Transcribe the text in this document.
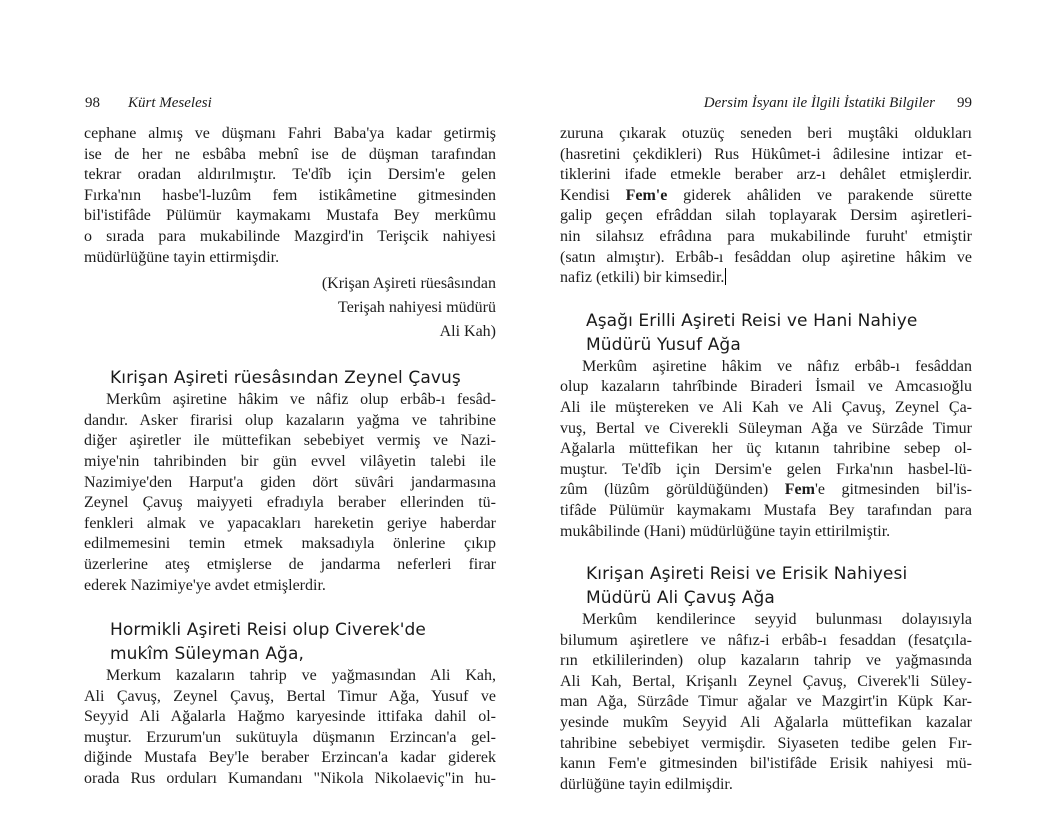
98 Kürt Meselesi
cephane almış ve düşmanı Fahri Baba'ya kadar getirmiş
ise de her ne esbâba mebnî ise de düşman tarafından
tekrar oradan aldırılmıştır. Te'dîb için Dersim'e gelen
Fırka'nın hasbe'l-luzûm fem istikâmetine gitmesinden
bil'istifâde Pülümür kaymakamı Mustafa Bey merkûmu
o sırada para mukabilinde Mazgird'in Terişcik nahiyesi
müdürlüğüne tayin ettirmişdir.
(Krişan Aşireti rüesâsından
Terişah nahiyesi müdürü
Ali Kah)
Kırişan Aşireti rüesâsından Zeynel Çavuş
Merkûm aşiretine hâkim ve nâfiz olup erbâb-ı fesâd-
dandır. Asker firarisi olup kazaların yağma ve tahribine
diğer aşiretler ile müttefikan sebebiyet vermiş ve Nazi-
miye'nin tahribinden bir gün evvel vilâyetin talebi ile
Nazimiye'den Harput'a giden dört süvâri jandarmasına
Zeynel Çavuş maiyyeti efradıyla beraber ellerinden tü-
fenkleri almak ve yapacakları hareketin geriye haberdar
edilmemesini temin etmek maksadıyla önlerine çıkıp
üzerlerine ateş etmişlerse de jandarma neferleri firar
ederek Nazimiye'ye avdet etmişlerdir.
Hormikli Aşireti Reisi olup Civerek'de
mukîm Süleyman Ağa,
Merkum kazaların tahrip ve yağmasından Ali Kah,
Ali Çavuş, Zeynel Çavuş, Bertal Timur Ağa, Yusuf ve
Seyyid Ali Ağalarla Hağmo karyesinde ittifaka dahil ol-
muştur. Erzurum'un sukütuyla düşmanın Erzincan'a gel-
diğinde Mustafa Bey'le beraber Erzincan'a kadar giderek
orada Rus orduları Kumandanı "Nikola Nikolaeviç"in hu-
Dersim İsyanı ile İlgili İstatiki Bilgiler 99
zuruna çıkarak otuzüç seneden beri muştâki oldukları
(hasretini çekdikleri) Rus Hükûmet-i âdilesine intizar et-
tiklerini ifade etmekle beraber arz-ı dehâlet etmişlerdir.
Kendisi Fem'e giderek ahâliden ve parakende sürette
galip geçen efrâddan silah toplayarak Dersim aşiretleri-
nin silahsız efrâdına para mukabilinde furuht' etmiştir
(satın almıştır). Erbâb-ı fesâddan olup aşiretine hâkim ve
nafiz (etkili) bir kimsedir.
Aşağı Erilli Aşireti Reisi ve Hani Nahiye
Müdürü Yusuf Ağa
Merkûm aşiretine hâkim ve nâfız erbâb-ı fesâddan
olup kazaların tahrîbinde Biraderi İsmail ve Amcasıoğlu
Ali ile müştereken ve Ali Kah ve Ali Çavuş, Zeynel Ça-
vuş, Bertal ve Civerekli Süleyman Ağa ve Sürzâde Timur
Ağalarla müttefikan her üç kıtanın tahribine sebep ol-
muştur. Te'dîb için Dersim'e gelen Fırka'nın hasbel-lü-
zûm (lüzûm görüldüğünden) Fem'e gitmesinden bil'is-
tifâde Pülümür kaymakamı Mustafa Bey tarafından para
mukâbilinde (Hani) müdürlüğüne tayin ettirilmiştir.
Kırişan Aşireti Reisi ve Erisik Nahiyesi
Müdürü Ali Çavuş Ağa
Merkûm kendilerince seyyid bulunması dolayısıyla
bilumum aşiretlere ve nâfız-i erbâb-ı fesaddan (fesatçıla-
rın etkililerinden) olup kazaların tahrip ve yağmasında
Ali Kah, Bertal, Krişanlı Zeynel Çavuş, Civerek'li Süley-
man Ağa, Sürzâde Timur ağalar ve Mazgirt'in Küpk Kar-
yesinde mukîm Seyyid Ali Ağalarla müttefikan kazalar
tahribine sebebiyet vermişdir. Siyaseten tedibe gelen Fır-
kanın Fem'e gitmesinden bil'istifâde Erisik nahiyesi mü-
dürlüğüne tayin edilmişdir.
